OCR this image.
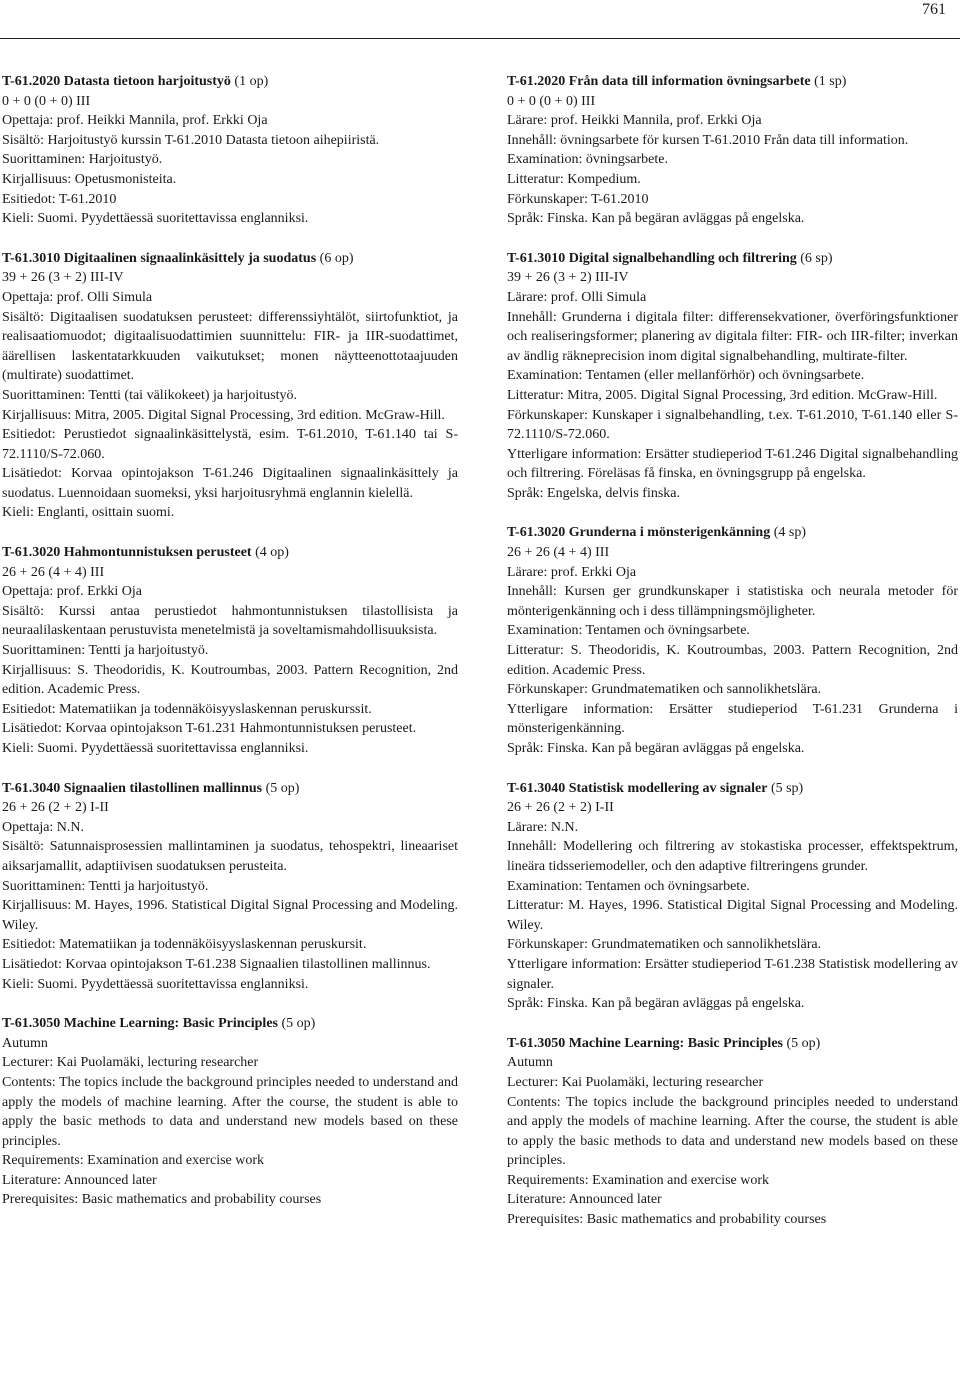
761

T-61.2020 Datasta tietoon harjoitustyö (1 op)

0 + 0 (0 + 0) III

Opettaja: prof. Heikki Mannila, prof. Erkki Oja

Sisältö: Harjoitustyö kurssin T-61.2010 Datasta tietoon aihepiiristä.

Suorittaminen: Harjoitustyö.

Kirjallisuus: Opetusmonisteita.

Esitiedot: T-61.2010

Kieli: Suomi. Pyydettäessä suoritettavissa englanniksi.

T-61.3010 Digitaalinen signaalinkäsittely ja suodatus (6 op)

39 + 26 (3 + 2) III-IV

Opettaja: prof. Olli Simula

Sisältö: Digitaalisen suodatuksen perusteet: differenssiyhtälöt, siirtofunktiot, ja realisaatiomuodot; digitaalisuodattimien suunnittelu: FIR- ja IIR-suodattimet, äärellisen laskentatarkkuuden vaikutukset; monen näytteenottotaajuuden (multirate) suodattimet.

Suorittaminen: Tentti (tai välikokeet) ja harjoitustyö.

Kirjallisuus: Mitra, 2005. Digital Signal Processing, 3rd edition. McGraw-Hill.

Esitiedot: Perustiedot signaalinkäsittelystä, esim. T-61.2010, T-61.140 tai S-72.1110/S-72.060.

Lisätiedot: Korvaa opintojakson T-61.246 Digitaalinen signaalinkäsittely ja suodatus. Luennoidaan suomeksi, yksi harjoitusryhmä englannin kielellä.

Kieli: Englanti, osittain suomi.

T-61.3020 Hahmontunnistuksen perusteet (4 op)

26 + 26 (4 + 4) III

Opettaja: prof. Erkki Oja

Sisältö: Kurssi antaa perustiedot hahmontunnistuksen tilastollisista ja neuraalilaskentaan perustuvista menetelmistä ja soveltamismahdollisuuksista.

Suorittaminen: Tentti ja harjoitustyö.

Kirjallisuus: S. Theodoridis, K. Koutroumbas, 2003. Pattern Recognition, 2nd edition. Academic Press.

Esitiedot: Matematiikan ja todennäköisyyslaskennan peruskurssit.

Lisätiedot: Korvaa opintojakson T-61.231 Hahmontunnistuksen perusteet.

Kieli: Suomi. Pyydettäessä suoritettavissa englanniksi.

T-61.3040 Signaalien tilastollinen mallinnus (5 op)

26 + 26 (2 + 2) I-II

Opettaja: N.N.

Sisältö: Satunnaisprosessien mallintaminen ja suodatus, tehospektri, lineaariset aiksarjamallit, adaptiivisen suodatuksen perusteita.

Suorittaminen: Tentti ja harjoitustyö.

Kirjallisuus: M. Hayes, 1996. Statistical Digital Signal Processing and Modeling. Wiley.

Esitiedot: Matematiikan ja todennäköisyyslaskennan peruskursit.

Lisätiedot: Korvaa opintojakson T-61.238 Signaalien tilastollinen mallinnus.

Kieli: Suomi. Pyydettäessä suoritettavissa englanniksi.

T-61.3050 Machine Learning: Basic Principles (5 op)

Autumn

Lecturer: Kai Puolamäki, lecturing researcher

Contents: The topics include the background principles needed to understand and apply the models of machine learning. After the course, the student is able to apply the basic methods to data and understand new models based on these principles.

Requirements: Examination and exercise work

Literature: Announced later

Prerequisites: Basic mathematics and probability courses

T-61.2020 Från data till information övningsarbete (1 sp)

0 + 0 (0 + 0) III

Lärare: prof. Heikki Mannila, prof. Erkki Oja

Innehåll: övningsarbete för kursen T-61.2010 Från data till information.

Examination: övningsarbete.

Litteratur: Kompedium.

Förkunskaper: T-61.2010

Språk: Finska. Kan på begäran avläggas på engelska.

T-61.3010 Digital signalbehandling och filtrering (6 sp)

39 + 26 (3 + 2) III-IV

Lärare: prof. Olli Simula

Innehåll: Grunderna i digitala filter: differensekvationer, överföringsfunktioner och realiseringsformer; planering av digitala filter: FIR- och IIR-filter; inverkan av ändlig räkneprecision inom digital signalbehandling, multirate-filter.

Examination: Tentamen (eller mellanförhör) och övningsarbete.

Litteratur: Mitra, 2005. Digital Signal Processing, 3rd edition. McGraw-Hill.

Förkunskaper: Kunskaper i signalbehandling, t.ex. T-61.2010, T-61.140 eller S-72.1110/S-72.060.

Ytterligare information: Ersätter studieperiod T-61.246 Digital signalbehandling och filtrering. Föreläsas få finska, en övningsgrupp på engelska.

Språk: Engelska, delvis finska.

T-61.3020 Grunderna i mönsterigenkänning (4 sp)

26 + 26 (4 + 4) III

Lärare: prof. Erkki Oja

Innehåll: Kursen ger grundkunskaper i statistiska och neurala metoder för mönterigenkänning och i dess tillämpningsmöjligheter.

Examination: Tentamen och övningsarbete.

Litteratur: S. Theodoridis, K. Koutroumbas, 2003. Pattern Recognition, 2nd edition. Academic Press.

Förkunskaper: Grundmatematiken och sannolikhetslära.

Ytterligare information: Ersätter studieperiod T-61.231 Grunderna i mönsterigenkänning.

Språk: Finska. Kan på begäran avläggas på engelska.

T-61.3040 Statistisk modellering av signaler (5 sp)

26 + 26 (2 + 2) I-II

Lärare: N.N.

Innehåll: Modellering och filtrering av stokastiska processer, effektspektrum, lineära tidsseriemodeller, och den adaptive filtreringens grunder.

Examination: Tentamen och övningsarbete.

Litteratur: M. Hayes, 1996. Statistical Digital Signal Processing and Modeling. Wiley.

Förkunskaper: Grundmatematiken och sannolikhetslära.

Ytterligare information: Ersätter studieperiod T-61.238 Statistisk modellering av signaler.

Språk: Finska. Kan på begäran avläggas på engelska.

T-61.3050 Machine Learning: Basic Principles (5 op)

Autumn

Lecturer: Kai Puolamäki, lecturing researcher

Contents: The topics include the background principles needed to understand and apply the models of machine learning. After the course, the student is able to apply the basic methods to data and understand new models based on these principles.

Requirements: Examination and exercise work

Literature: Announced later

Prerequisites: Basic mathematics and probability courses
